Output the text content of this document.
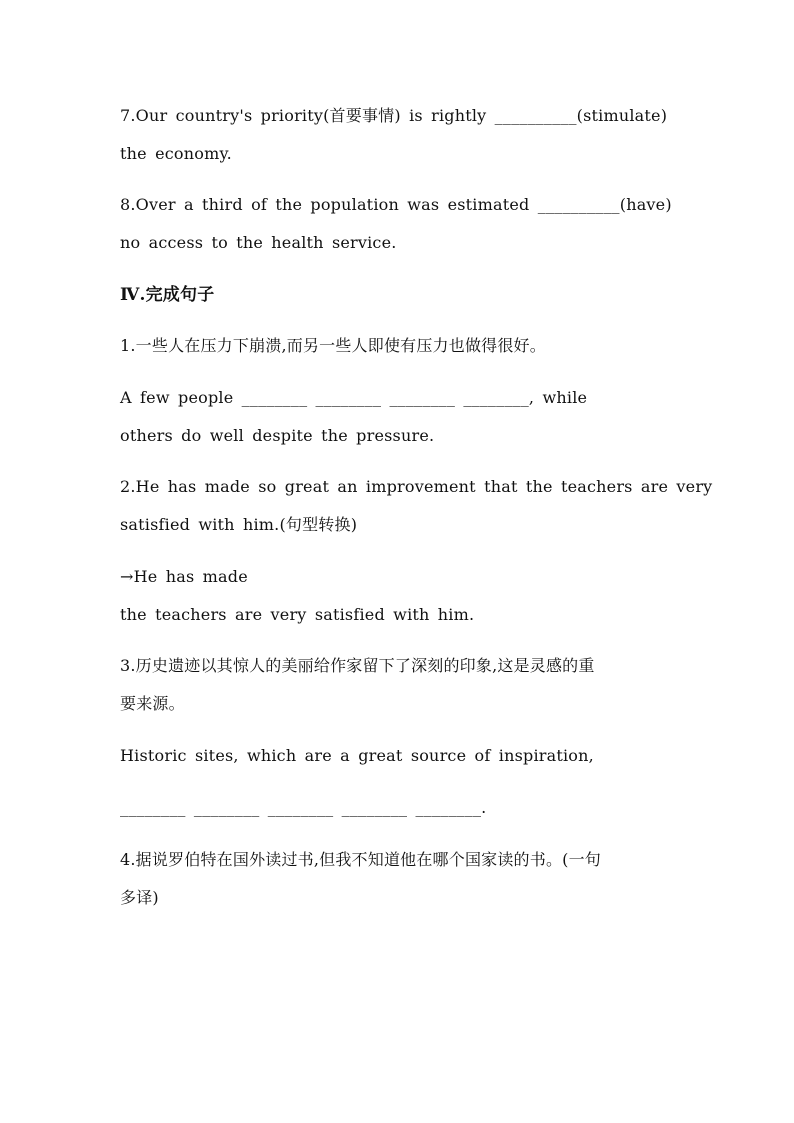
7.Our country's priority(首要事情) is rightly __________(stimulate)
the economy.
8.Over a third of the population was estimated __________(have)
no access to the health service.
Ⅳ.完成句子
1.一些人在压力下崩溃,而另一些人即使有压力也做得很好。
A few people ________ ________ ________ ________, while
others do well despite the pressure.
2.He has made so great an improvement that the teachers are very
satisfied with him.(句型转换)
→He has made
the teachers are very satisfied with him.
3.历史遗迹以其惊人的美丽给作家留下了深刻的印象,这是灵感的重
要来源。
Historic sites, which are a great source of inspiration,
________ ________ ________ ________ ________.
4.据说罗伯特在国外读过书,但我不知道他在哪个国家读的书。(一句
多译)
